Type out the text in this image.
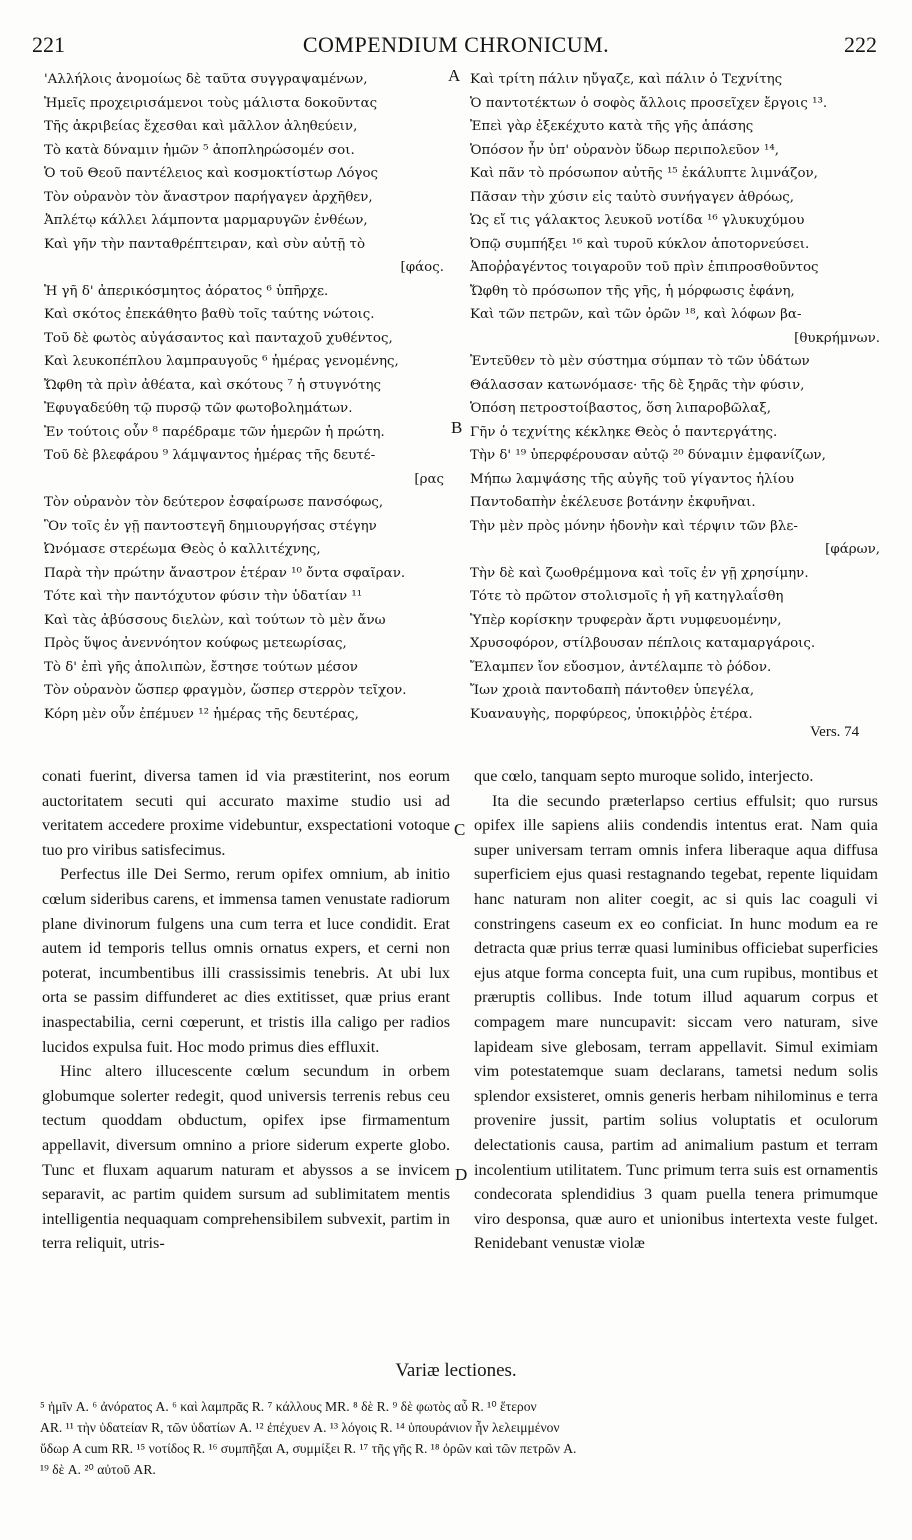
221	COMPENDIUM CHRONICUM.	222
'Αλλήλοις ἀνομοίως δὲ ταῦτα συγγραψαμένων,
Ἡμεῖς προχειρισάμενοι τοὺς μάλιστα δοκοῦντας
Τῆς ἀκριβείας ἔχεσθαι καὶ μᾶλλον ἀληθεύειν,
Τὸ κατὰ δύναμιν ἡμῶν ⁵ ἀποπληρώσομέν σοι.
Ὁ τοῦ Θεοῦ παντέλειος καὶ κοσμοκτίστωρ Λόγος
Τὸν οὐρανὸν τὸν ἄναστρον παρήγαγεν ἀρχῆθεν,
Ἀπλέτῳ κάλλει λάμποντα μαρμαρυγῶν ἐνθέων,
Καὶ γῆν τὴν πανταθρέπτειραν, καὶ σὺν αὐτῇ τὸ
[φάος.
Ἡ γῆ δ' ἀπερικόσμητος ἀόρατος ⁶ ὑπῆρχε.
Καὶ σκότος ἐπεκάθητο βαθὺ τοῖς ταύτης νώτοις.
Τοῦ δὲ φωτὸς αὐγάσαντος καὶ πανταχοῦ χυθέντος,
Καὶ λευκοπέπλου λαμπραυγοῦς ⁶ ἡμέρας γενομένης,
Ὤφθη τὰ πρὶν ἀθέατα, καὶ σκότους ⁷ ἡ στυγνότης
Ἐφυγαδεύθη τῷ πυρσῷ τῶν φωτοβολημάτων.
Ἐν τούτοις οὖν ⁸ παρέδραμε τῶν ἡμερῶν ἡ πρώτη.
Τοῦ δὲ βλεφάρου ⁹ λάμψαντος ἡμέρας τῆς δευτέ-
[ρας
Τὸν οὐρανὸν τὸν δεύτερον ἐσφαίρωσε πανσόφως,
Ὃν τοῖς ἐν γῇ παντοστεγῆ δημιουργήσας στέγην
Ὠνόμασε στερέωμα Θεὸς ὁ καλλιτέχνης,
Παρὰ τὴν πρώτην ἄναστρον ἑτέραν ¹⁰ ὄντα σφαῖραν.
Τότε καὶ τὴν παντόχυτον φύσιν τὴν ὑδατίαν ¹¹
Καὶ τὰς ἀβύσσους διελὼν, καὶ τούτων τὸ μὲν ἄνω
Πρὸς ὕψος ἀνεννόητον κούφως μετεωρίσας,
Τὸ δ' ἐπὶ γῆς ἀπολιπὼν, ἔστησε τούτων μέσον
Τὸν οὐρανὸν ὥσπερ φραγμὸν, ὥσπερ στερρὸν τεῖχον.
Κόρη μὲν οὖν ἐπέμυεν ¹² ἡμέρας τῆς δευτέρας,
Καὶ τρίτη πάλιν ηὔγαζε, καὶ πάλιν ὁ Τεχνίτης
Ὁ παντοτέκτων ὁ σοφὸς ἄλλοις προσεῖχεν ἔργοις ¹³.
Ἐπεὶ γὰρ ἐξεκέχυτο κατὰ τῆς γῆς ἁπάσης
Ὁπόσον ἦν ὑπ' οὐρανὸν ὕδωρ περιπολεῦον ¹⁴,
Καὶ πᾶν τὸ πρόσωπον αὐτῆς ¹⁵ ἐκάλυπτε λιμνάζον,
Πᾶσαν τὴν χύσιν εἰς ταὐτὸ συνήγαγεν ἀθρόως,
Ὡς εἴ τις γάλακτος λευκοῦ νοτίδα ¹⁶ γλυκυχύμου
Ὀπῷ συμπήξει ¹⁶ καὶ τυροῦ κύκλον ἀποτορνεύσει.
Ἀποῤῥαγέντος τοιγαροῦν τοῦ πρὶν ἐπιπροσθοῦντος
Ὤφθη τὸ πρόσωπον τῆς γῆς, ἡ μόρφωσις ἐφάνη,
Καὶ τῶν πετρῶν, καὶ τῶν ὀρῶν ¹⁸, καὶ λόφων βα-
[θυκρήμνων.
Ἐντεῦθεν τὸ μὲν σύστημα σύμπαν τὸ τῶν ὑδάτων
Θάλασσαν κατωνόμασε· τῆς δὲ ξηρᾶς τὴν φύσιν,
Ὁπόση πετροστοίβαστος, ὅση λιπαροβῶλαξ,
Γῆν ὁ τεχνίτης κέκληκε Θεὸς ὁ παντεργάτης.
Τὴν δ' ¹⁹ ὑπερφέρουσαν αὐτῷ ²⁰ δύναμιν ἐμφανίζων,
Μήπω λαμψάσης τῆς αὐγῆς τοῦ γίγαντος ἡλίου
Παντοδαπὴν ἐκέλευσε βοτάνην ἐκφυῆναι.
Τὴν μὲν πρὸς μόνην ἡδονὴν καὶ τέρψιν τῶν βλε-
[φάρων,
Τὴν δὲ καὶ ζωοθρέμμονα καὶ τοῖς ἐν γῇ χρησίμην.
Τότε τὸ πρῶτον στολισμοῖς ἡ γῆ κατηγλαΐσθη
Ὑπὲρ κορίσκην τρυφερὰν ἄρτι νυμφευομένην,
Χρυσοφόρον, στίλβουσαν πέπλοις καταμαργάροις.
Ἔλαμπεν ἴον εὔοσμον, ἀντέλαμπε τὸ ῥόδον.
Ἴων χροιὰ παντοδαπὴ πάντοθεν ὑπεγέλα,
Κυαναυγὴς, πορφύρεος, ὑποκιῤῥὸς ἑτέρα.
A
B
C
D
Vers. 74

conati fuerint, diversa tamen id via præstiterint, nos eorum auctoritatem secuti qui accurato maxime studio usi ad veritatem accedere proxime videbuntur, exspectationi votoque tuo pro viribus satisfecimus.

Perfectus ille Dei Sermo, rerum opifex omnium, ab initio cœlum sideribus carens, et immensa tamen venustate radiorum plane divinorum fulgens una cum terra et luce condidit. Erat autem id temporis tellus omnis ornatus expers, et cerni non poterat, incumbentibus illi crassissimis tenebris. At ubi lux orta se passim diffunderet ac dies extitisset, quæ prius erant inaspectabilia, cerni cœperunt, et tristis illa caligo per radios lucidos expulsa fuit. Hoc modo primus dies effluxit.

Hinc altero illucescente cœlum secundum in orbem globumque solerter redegit, quod universis terrenis rebus ceu tectum quoddam obductum, opifex ipse firmamentum appellavit, diversum omnino a priore siderum experte globo. Tunc et fluxam aquarum naturam et abyssos a se invicem separavit, ac partim quidem sursum ad sublimitatem mentis intelligentia nequaquam comprehensibilem subvexit, partim in terra reliquit, utris-

que cœlo, tanquam septo muroque solido, interjecto.

Ita die secundo præterlapso certius effulsit; quo rursus opifex ille sapiens aliis condendis intentus erat. Nam quia super universam terram omnis infera liberaque aqua diffusa superficiem ejus quasi restagnando tegebat, repente liquidam hanc naturam non aliter coegit, ac si quis lac coaguli vi constringens caseum ex eo conficiat. In hunc modum ea re detracta quæ prius terræ quasi luminibus officiebat superficies ejus atque forma concepta fuit, una cum rupibus, montibus et præruptis collibus. Inde totum illud aquarum corpus et compagem mare nuncupavit: siccam vero naturam, sive lapideam sive glebosam, terram appellavit. Simul eximiam vim potestatemque suam declarans, tametsi nedum solis splendor exsisteret, omnis generis herbam nihilominus e terra provenire jussit, partim solius voluptatis et oculorum delectationis causa, partim ad animalium pastum et terram incolentium utilitatem. Tunc primum terra suis est ornamentis condecorata splendidius 3 quam puella tenera primumque viro desponsa, quæ auro et unionibus intertexta veste fulget. Renidebant venustæ violæ

Variæ lectiones.
⁵ ἡμῖν A. ⁶ ἀνόρατος A. ⁶ καὶ λαμπρᾶς R. ⁷ κάλλους MR. ⁸ δὲ R. ⁹ δὲ φωτὸς αὖ R. ¹⁰ ἕτερον
AR. ¹¹ τὴν ὑδατείαν R, τῶν ὑδατίων A. ¹² ἐπέχυεν A. ¹³ λόγοις R. ¹⁴ ὑπουράνιον ἦν λελειμμένον
ὕδωρ A cum RR. ¹⁵ νοτίδος R. ¹⁶ συμπῆξαι A, συμμίξει R. ¹⁷ τῆς γῆς R. ¹⁸ ὀρῶν καὶ τῶν πετρῶν A.
¹⁹ δὲ A. ²⁰ αὐτοῦ AR.
